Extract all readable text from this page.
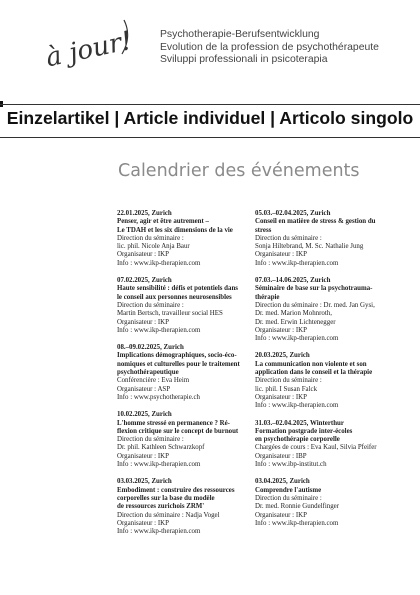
à jour! Psychotherapie-Berufsentwicklung
Evolution de la profession de psychothérapeute
Sviluppi professionali in psicoterapia
Einzelartikel | Article individuel | Articolo singolo
Calendrier des événements
22.01.2025, Zurich
Penser, agir et être autrement –
Le TDAH et les six dimensions de la vie
Direction du séminaire :
lic. phil. Nicole Anja Baur
Organisateur : IKP
Info : www.ikp-therapien.com
07.02.2025, Zurich
Haute sensibilité : défis et potentiels dans
le conseil aux personnes neurosensibles
Direction du séminaire :
Martin Bertsch, travailleur social HES
Organisateur : IKP
Info : www.ikp-therapien.com
08.–09.02.2025, Zurich
Implications démographiques, socio-éco-
nomiques et culturelles pour le traitement
psychothérapeutique
Conférencière : Eva Heim
Organisateur : ASP
Info : www.psychotherapie.ch
10.02.2025, Zurich
L'homme stressé en permanence ? Ré-
flexion critique sur le concept de burnout
Direction du séminaire :
Dr. phil. Kathleen Schwarzkopf
Organisateur : IKP
Info : www.ikp-therapien.com
03.03.2025, Zurich
Embodiment : construire des ressources
corporelles sur la base du modèle
de ressources zurichois ZRM'
Direction du séminaire : Nadja Vogel
Organisateur : IKP
Info : www.ikp-therapien.com
05.03.–02.04.2025, Zurich
Conseil en matière de stress & gestion du
stress
Direction du séminaire :
Sonja Hiltebrand, M. Sc. Nathalie Jung
Organisateur : IKP
Info : www.ikp-therapien.com
07.03.–14.06.2025, Zurich
Séminaire de base sur la psychotrauma-
thérapie
Direction du séminaire : Dr. med. Jan Gysi,
Dr. med. Marion Mohnroth,
Dr. med. Erwin Lichtenegger
Organisateur : IKP
Info : www.ikp-therapien.com
20.03.2025, Zurich
La communication non violente et son
application dans le conseil et la thérapie
Direction du séminaire :
lic. phil. I Susan Falck
Organisateur : IKP
Info : www.ikp-therapien.com
31.03.–02.04.2025, Winterthur
Formation postgrade inter-écoles
en psychothérapie corporelle
Chargées de cours : Eva Kaul, Silvia Pfeifer
Organisateur : IBP
Info : www.ibp-institut.ch
03.04.2025, Zurich
Comprendre l'autisme
Direction du séminaire :
Dr. med. Ronnie Gundelfinger
Organisateur : IKP
Info : www.ikp-therapien.com
